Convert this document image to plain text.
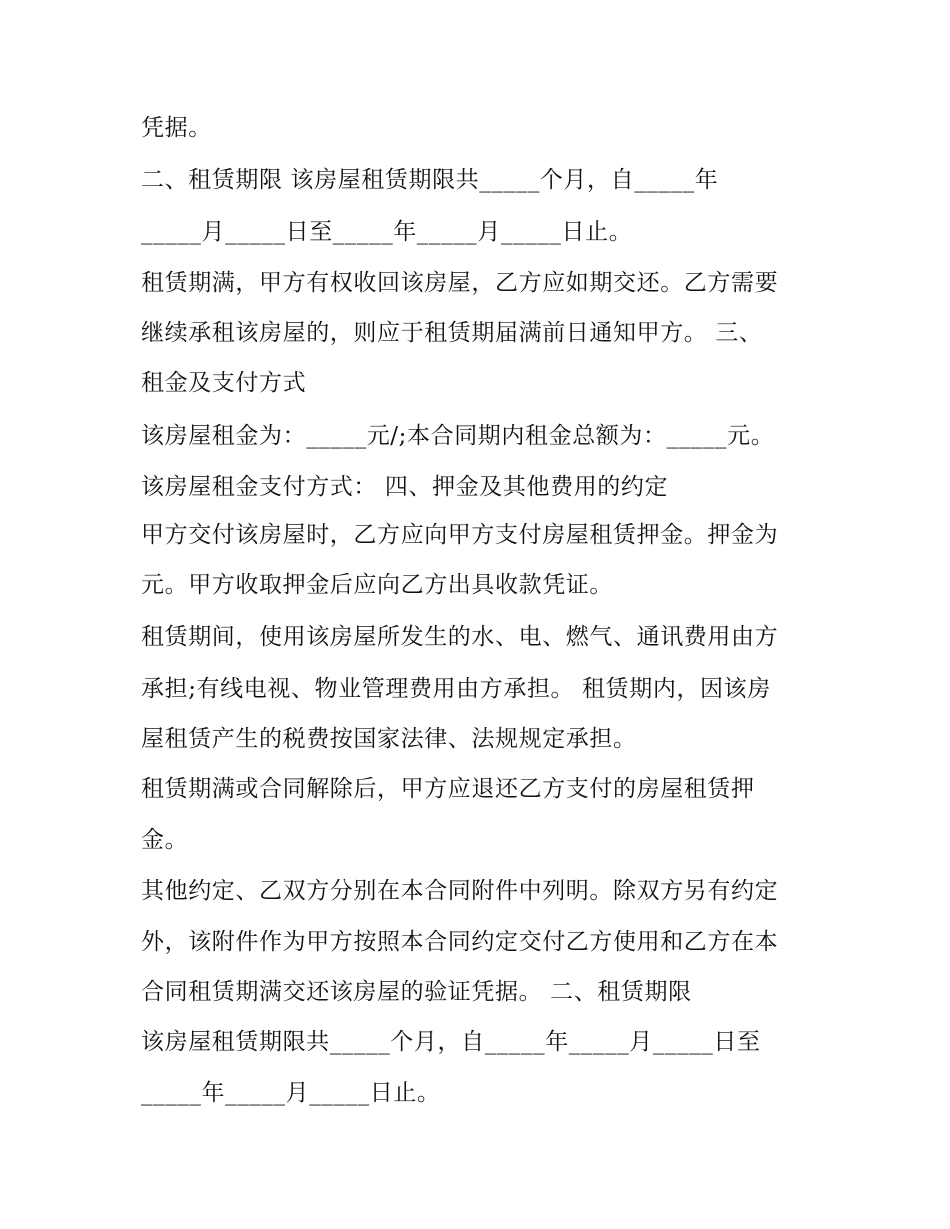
凭据。
二、租赁期限 该房屋租赁期限共_____个月，自_____年
_____月_____日至_____年_____月_____日止。
租赁期满，甲方有权收回该房屋，乙方应如期交还。乙方需要
继续承租该房屋的，则应于租赁期届满前日通知甲方。 三、
租金及支付方式
该房屋租金为：_____元/;本合同期内租金总额为：_____元。
该房屋租金支付方式： 四、押金及其他费用的约定
甲方交付该房屋时，乙方应向甲方支付房屋租赁押金。押金为
元。甲方收取押金后应向乙方出具收款凭证。
租赁期间，使用该房屋所发生的水、电、燃气、通讯费用由方
承担;有线电视、物业管理费用由方承担。 租赁期内，因该房
屋租赁产生的税费按国家法律、法规规定承担。
租赁期满或合同解除后，甲方应退还乙方支付的房屋租赁押
金。
其他约定、乙双方分别在本合同附件中列明。除双方另有约定
外，该附件作为甲方按照本合同约定交付乙方使用和乙方在本
合同租赁期满交还该房屋的验证凭据。 二、租赁期限
该房屋租赁期限共_____个月，自_____年_____月_____日至
_____年_____月_____日止。
